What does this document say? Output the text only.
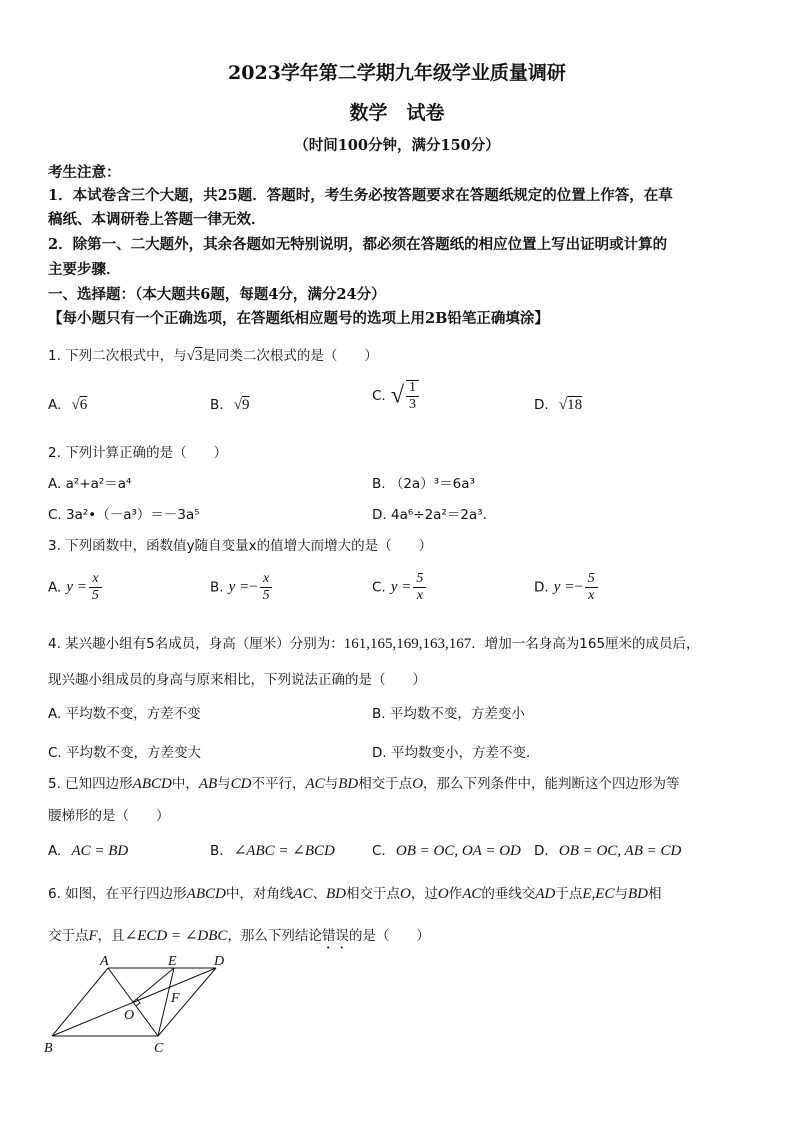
2023学年第二学期九年级学业质量调研
数学　试卷
（时间100分钟，满分150分）
考生注意：
1．本试卷含三个大题，共25题．答题时，考生务必按答题要求在答题纸规定的位置上作答，在草
稿纸、本调研卷上答题一律无效．
2．除第一、二大题外，其余各题如无特别说明，都必须在答题纸的相应位置上写出证明或计算的
主要步骤．
一、选择题：（本大题共6题，每题4分，满分24分）
【每小题只有一个正确选项，在答题纸相应题号的选项上用2B铅笔正确填涂】
1. 下列二次根式中，与√3是同类二次根式的是（　　）
A. √6	B. √9
C. √ $\frac{1}{3}$	D. √18
2. 下列计算正确的是（　　）
A. a²+a²＝a⁴	B. （2a）³＝6a³
C. 3a²•（－a³）＝－3a⁵	D. 4a⁶÷2a²＝2a³．
3. 下列函数中，函数值y随自变量x的值增大而增大的是（　　）
A. $y = \frac{x}{5}$	B. $y =- \frac{x}{5}$	C. $y = \frac{5}{x}$	D. $y =- \frac{5}{x}$
4. 某兴趣小组有5名成员，身高（厘米）分别为：161,165,169,163,167．增加一名身高为165厘米的成员后，
现兴趣小组成员的身高与原来相比，下列说法正确的是（　　）
A. 平均数不变，方差不变	B. 平均数不变，方差变小
C. 平均数不变，方差变大	D. 平均数变小，方差不变．
5. 已知四边形ABCD中，AB与CD不平行，AC与BD相交于点O，那么下列条件中，能判断这个四边形为等
腰梯形的是（　　）
A. AC = BD	B. ∠ABC = ∠BCD	C. OB = OC, OA = OD D. OB = OC, AB = CD
6. 如图，在平行四边形ABCD中，对角线AC、BD相交于点O，过O作AC的垂线交AD于点E,EC与BD相
交于点F，且∠ECD = ∠DBC，那么下列结论错误的是（　　）
A	E	D
F
O
B	C
